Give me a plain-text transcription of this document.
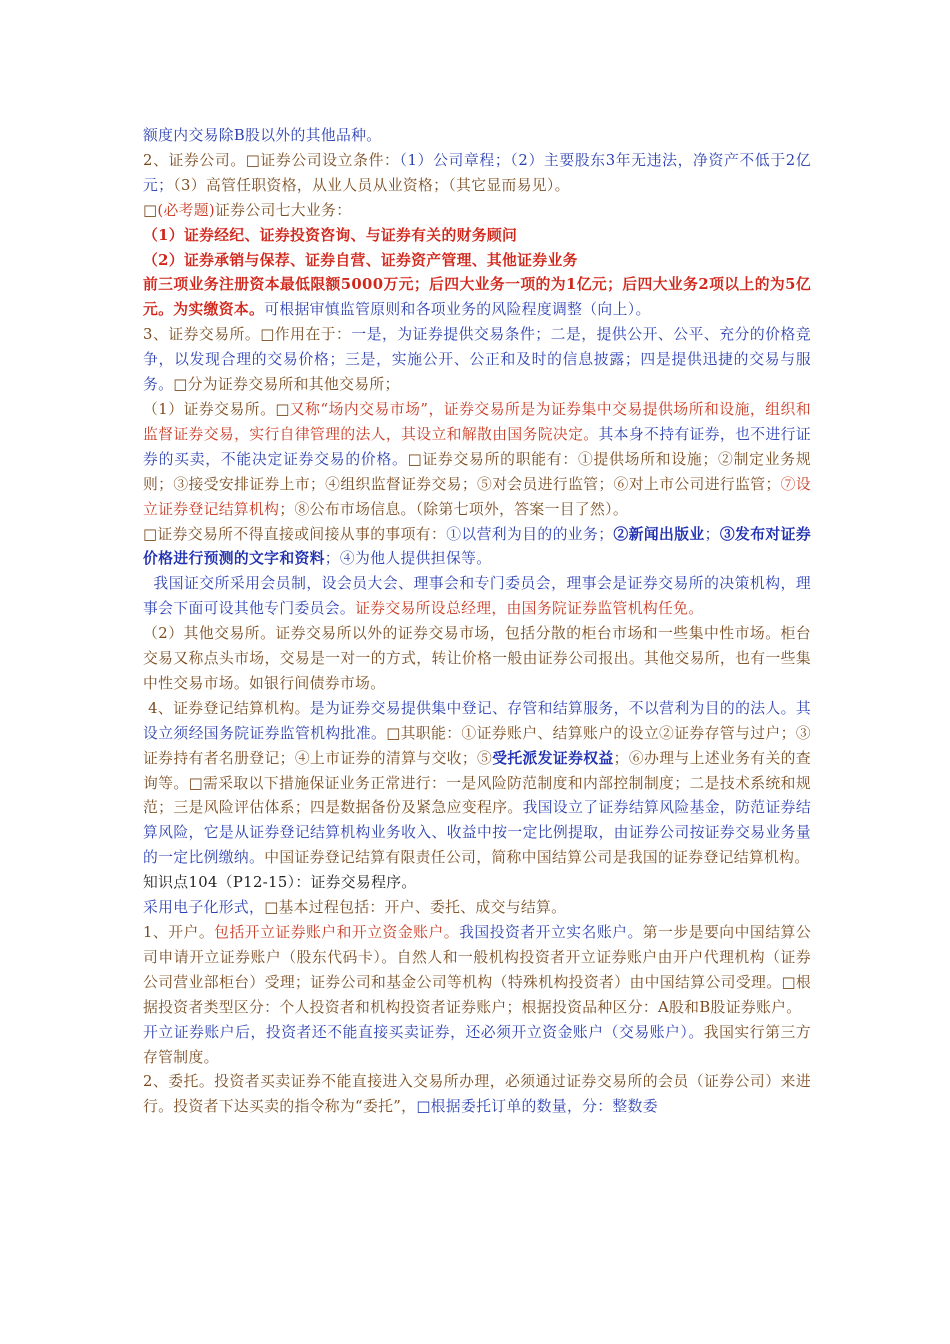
额度内交易除B股以外的其他品种。

2、证券公司。□证券公司设立条件：（1）公司章程；（2）主要股东3年无违法，净资产不低于2亿元；（3）高管任职资格，从业人员从业资格；（其它显而易见）。

□(必考题)证券公司七大业务：

（1）证券经纪、证券投资咨询、与证券有关的财务顾问

（2）证券承销与保荐、证券自营、证券资产管理、其他证券业务

前三项业务注册资本最低限额5000万元；后四大业务一项的为1亿元；后四大业务2项以上的为5亿元。为实缴资本。可根据审慎监管原则和各项业务的风险程度调整（向上）。

3、证券交易所。□作用在于：一是，为证券提供交易条件；二是，提供公开、公平、充分的价格竞争，以发现合理的交易价格；三是，实施公开、公正和及时的信息披露；四是提供迅捷的交易与服务。□分为证券交易所和其他交易所；

（1）证券交易所。□又称“场内交易市场”，证券交易所是为证券集中交易提供场所和设施，组织和监督证券交易，实行自律管理的法人，其设立和解散由国务院决定。其本身不持有证券，也不进行证券的买卖，不能决定证券交易的价格。□证券交易所的职能有：①提供场所和设施；②制定业务规则；③接受安排证券上市；④组织监督证券交易；⑤对会员进行监管；⑥对上市公司进行监管；⑦设立证券登记结算机构；⑧公布市场信息。（除第七项外，答案一目了然）。

□证券交易所不得直接或间接从事的事项有：①以营利为目的的业务；②新闻出版业；③发布对证券价格进行预测的文字和资料；④为他人提供担保等。

我国证交所采用会员制，设会员大会、理事会和专门委员会，理事会是证券交易所的决策机构，理事会下面可设其他专门委员会。证券交易所设总经理，由国务院证券监管机构任免。

（2）其他交易所。证券交易所以外的证券交易市场，包括分散的柜台市场和一些集中性市场。柜台交易又称点头市场，交易是一对一的方式，转让价格一般由证券公司报出。其他交易所，也有一些集中性交易市场。如银行间债券市场。

4、证券登记结算机构。是为证券交易提供集中登记、存管和结算服务，不以营利为目的的法人。其设立须经国务院证券监管机构批准。□其职能：①证券账户、结算账户的设立②证券存管与过户；③证券持有者名册登记；④上市证券的清算与交收；⑤受托派发证券权益；⑥办理与上述业务有关的查询等。□需采取以下措施保证业务正常进行：一是风险防范制度和内部控制制度；二是技术系统和规范；三是风险评估体系；四是数据备份及紧急应变程序。我国设立了证券结算风险基金，防范证券结算风险，它是从证券登记结算机构业务收入、收益中按一定比例提取，由证券公司按证券交易业务量的一定比例缴纳。中国证券登记结算有限责任公司，简称中国结算公司是我国的证券登记结算机构。

知识点104（P12-15）：证券交易程序。

采用电子化形式，□基本过程包括：开户、委托、成交与结算。

1、开户。包括开立证券账户和开立资金账户。我国投资者开立实名账户。第一步是要向中国结算公司申请开立证券账户（股东代码卡）。自然人和一般机构投资者开立证券账户由开户代理机构（证券公司营业部柜台）受理；证券公司和基金公司等机构（特殊机构投资者）由中国结算公司受理。□根据投资者类型区分：个人投资者和机构投资者证券账户；根据投资品种区分：A股和B股证券账户。

开立证券账户后，投资者还不能直接买卖证券，还必须开立资金账户（交易账户）。我国实行第三方存管制度。

2、委托。投资者买卖证券不能直接进入交易所办理，必须通过证券交易所的会员（证券公司）来进行。投资者下达买卖的指令称为“委托”，□根据委托订单的数量，分：整数委
